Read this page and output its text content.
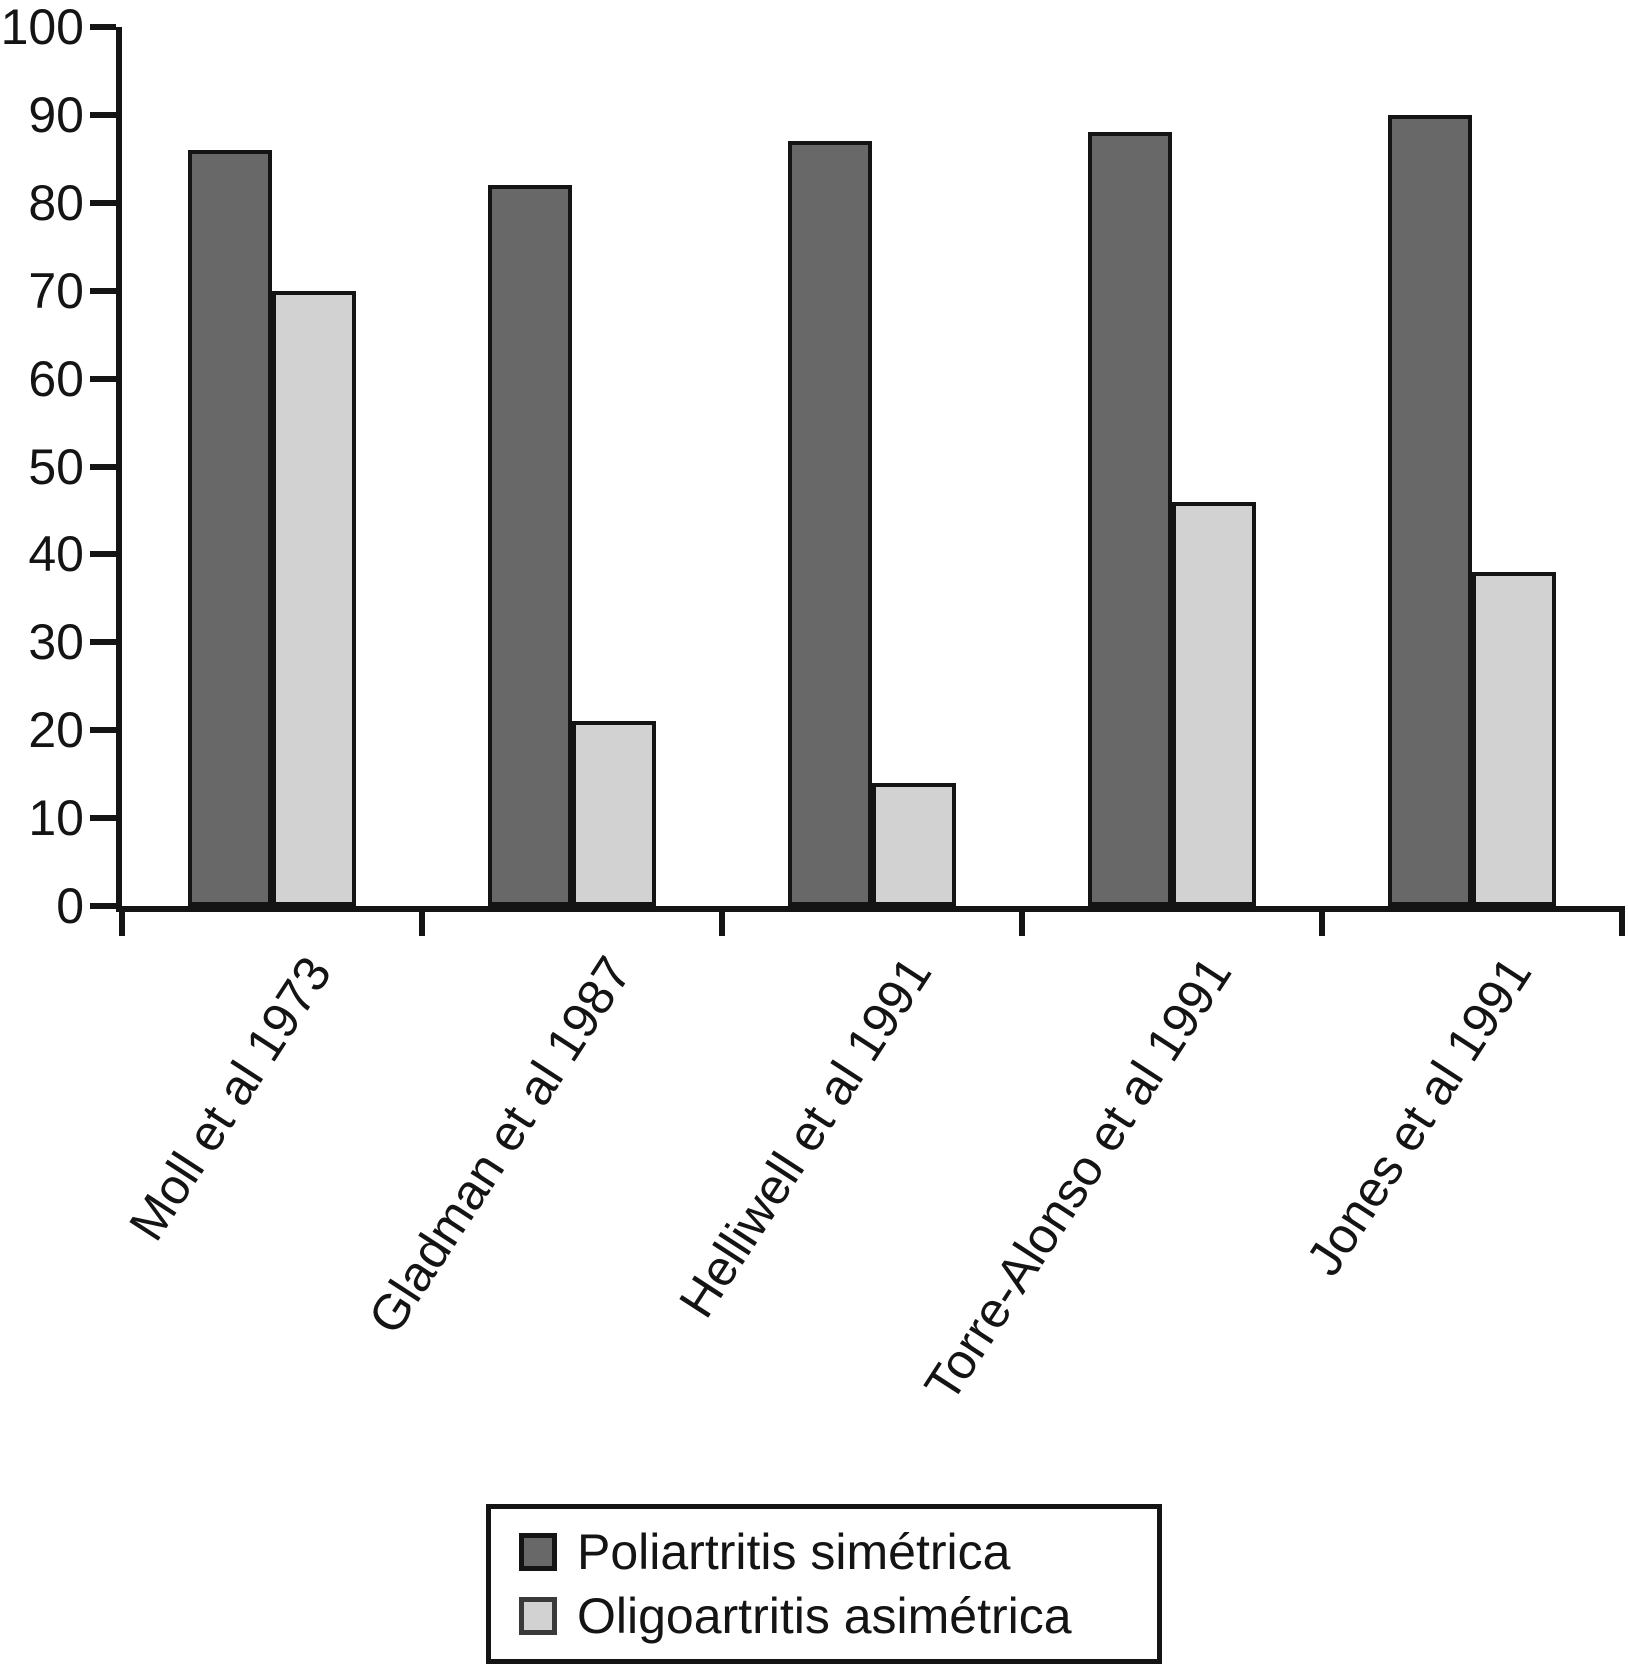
0
10
20
30
40
50
60
70
80
90
100
Poliartritis simétrica
Oligoartritis asimétrica
Moll et al 1973 Gladman et al 1987 Helliwell et al 1991
Torre-Alonso et al 1991	Jones et al 1991
